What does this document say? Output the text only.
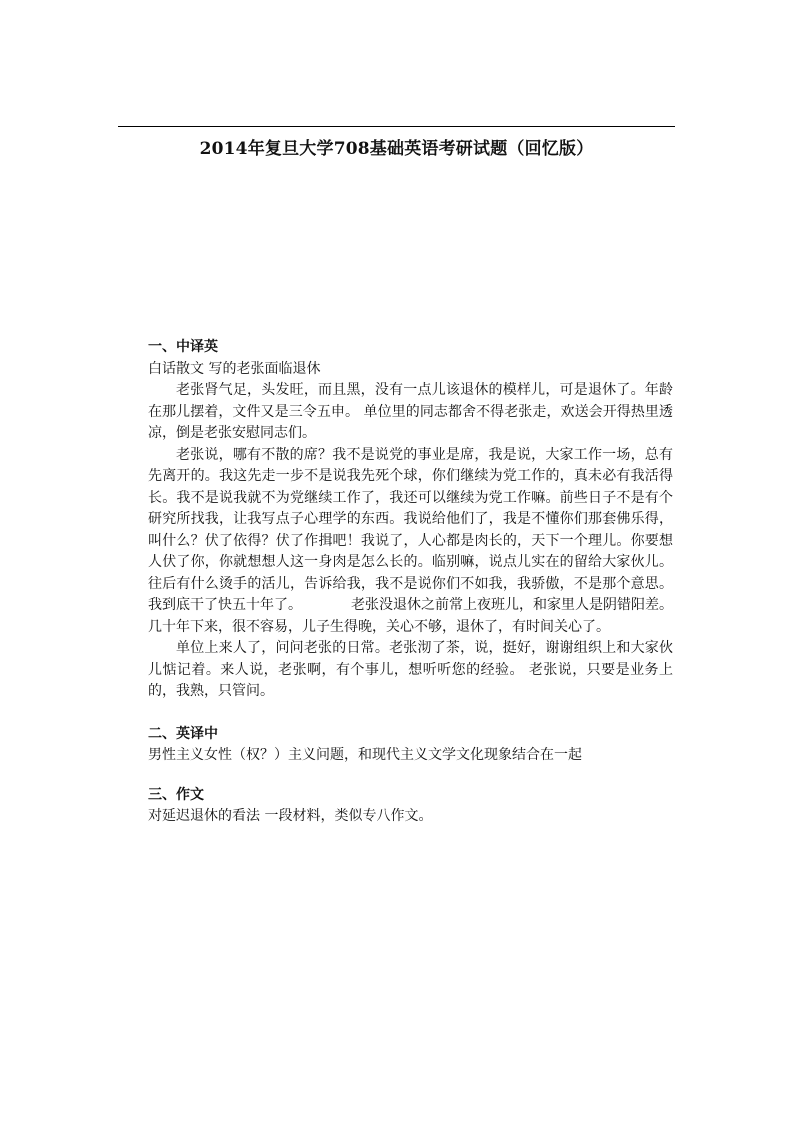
2014年复旦大学708基础英语考研试题（回忆版）

一、中译英

白话散文 写的老张面临退休

老张肾气足，头发旺，而且黑，没有一点儿该退休的模样儿，可是退休了。年龄在那儿摆着，文件又是三令五申。 单位里的同志都舍不得老张走，欢送会开得热里透凉，倒是老张安慰同志们。

老张说，哪有不散的席？我不是说党的事业是席，我是说，大家工作一场，总有先离开的。我这先走一步不是说我先死个球，你们继续为党工作的，真未必有我活得长。我不是说我就不为党继续工作了，我还可以继续为党工作嘛。前些日子不是有个研究所找我，让我写点子心理学的东西。我说给他们了，我是不懂你们那套佛乐得，叫什么？伏了依得？伏了作揖吧！我说了，人心都是肉长的，天下一个理儿。你要想人伏了你，你就想想人这一身肉是怎么长的。临别嘛，说点儿实在的留给大家伙儿。往后有什么烫手的活儿，告诉给我，我不是说你们不如我，我骄傲，不是那个意思。我到底干了快五十年了。　　　　老张没退休之前常上夜班儿，和家里人是阴错阳差。几十年下来，很不容易，儿子生得晚，关心不够，退休了，有时间关心了。

单位上来人了，问问老张的日常。老张沏了茶，说，挺好，谢谢组织上和大家伙儿惦记着。来人说，老张啊，有个事儿，想听听您的经验。 老张说，只要是业务上的，我熟，只管问。

二、英译中

男性主义女性（权？）主义问题，和现代主义文学文化现象结合在一起

三、作文

对延迟退休的看法 一段材料，类似专八作文。
